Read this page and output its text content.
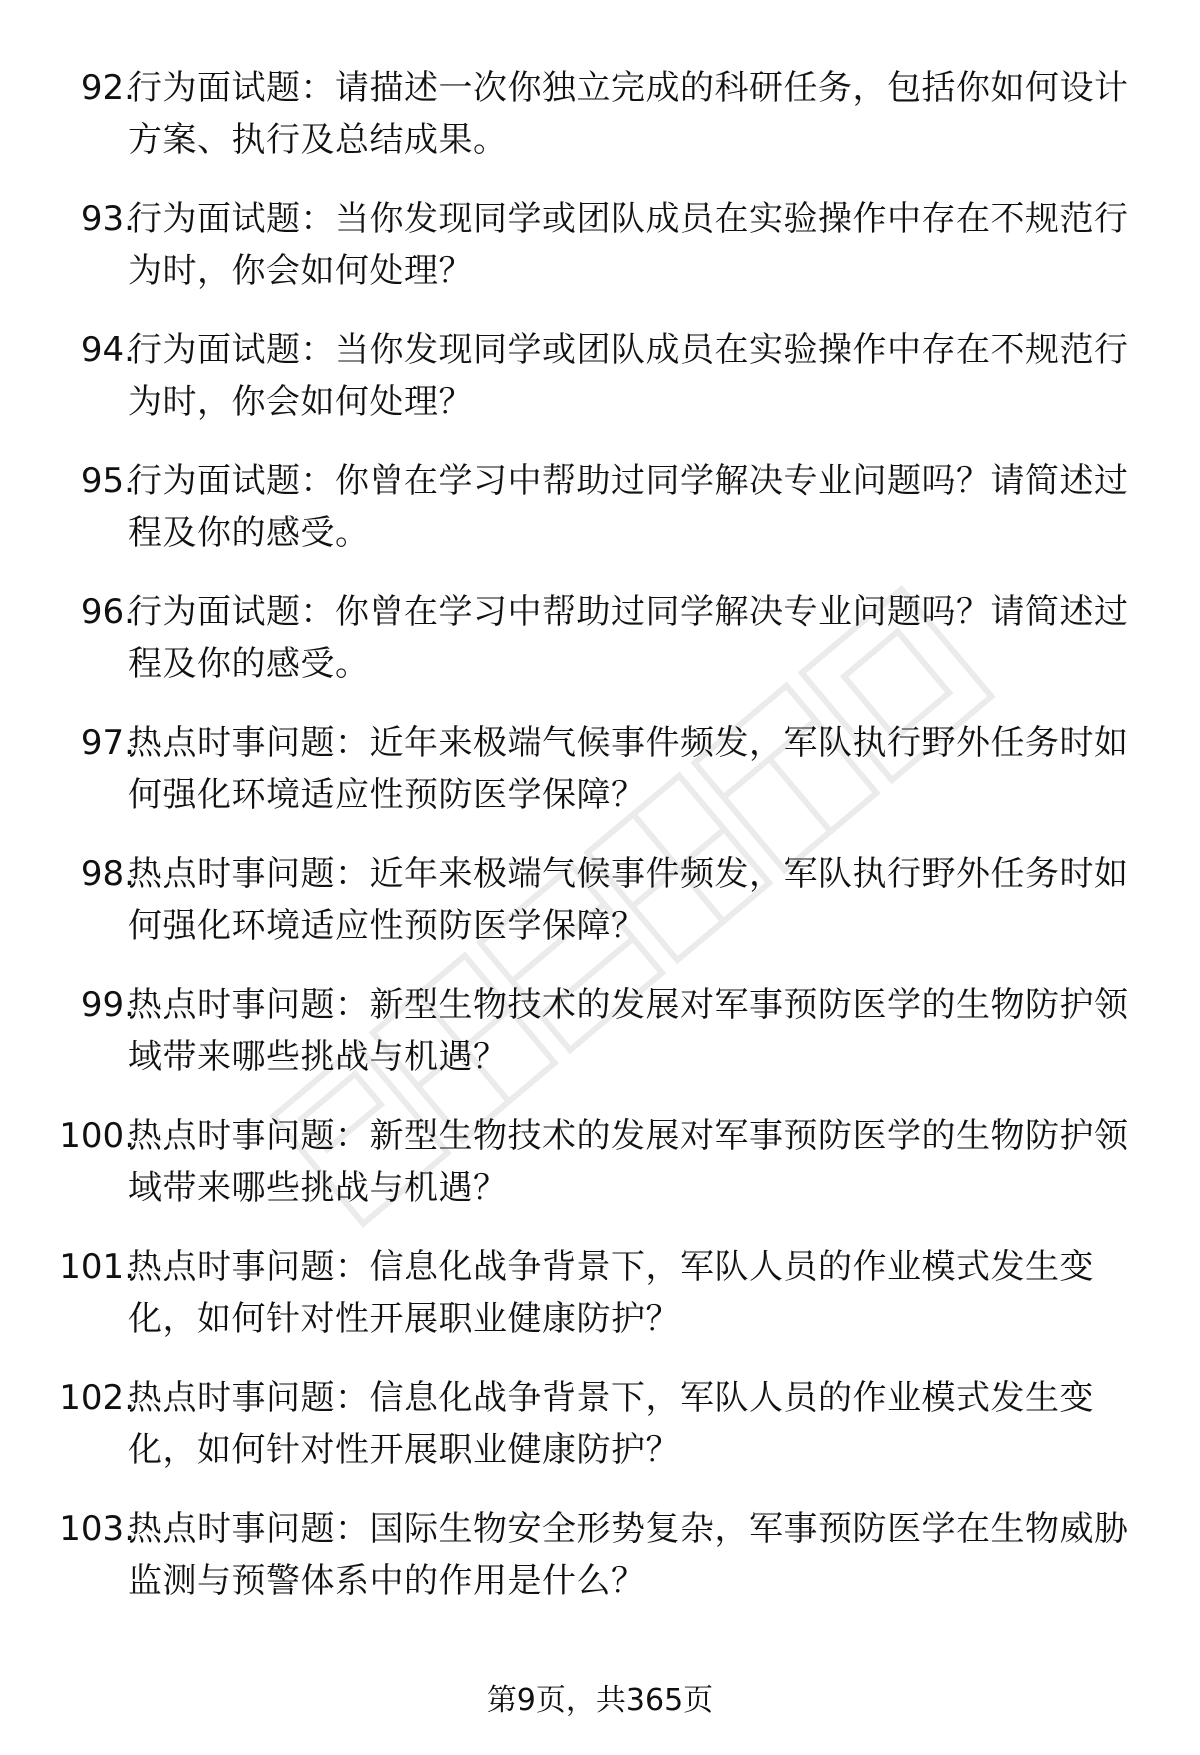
92.
行为面试题：请描述一次你独立完成的科研任务，包括你如何设计方案、执行及总结成果。
93.
行为面试题：当你发现同学或团队成员在实验操作中存在不规范行为时，你会如何处理？
94.
行为面试题：当你发现同学或团队成员在实验操作中存在不规范行为时，你会如何处理？
95.
行为面试题：你曾在学习中帮助过同学解决专业问题吗？请简述过程及你的感受。
96.
行为面试题：你曾在学习中帮助过同学解决专业问题吗？请简述过程及你的感受。
97.
热点时事问题：近年来极端气候事件频发，军队执行野外任务时如何强化环境适应性预防医学保障？
98.
热点时事问题：近年来极端气候事件频发，军队执行野外任务时如何强化环境适应性预防医学保障？
99.
热点时事问题：新型生物技术的发展对军事预防医学的生物防护领域带来哪些挑战与机遇？
100.
热点时事问题：新型生物技术的发展对军事预防医学的生物防护领域带来哪些挑战与机遇？
101.
热点时事问题：信息化战争背景下，军队人员的作业模式发生变化，如何针对性开展职业健康防护？
102.
热点时事问题：信息化战争背景下，军队人员的作业模式发生变化，如何针对性开展职业健康防护？
103.
热点时事问题：国际生物安全形势复杂，军事预防医学在生物威胁监测与预警体系中的作用是什么？
第9页，共365页
